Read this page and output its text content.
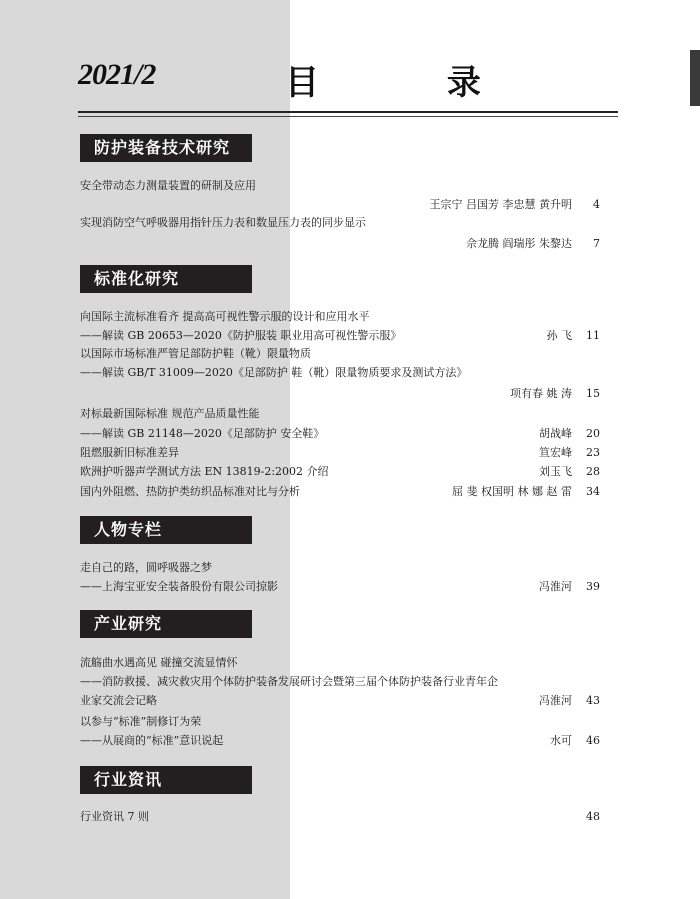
2021/2	目 录
防护装备技术研究
安全带动态力测量装置的研制及应用
王宗宁 吕国芳 李忠慧 黄升明	4
实现消防空气呼吸器用指针压力表和数显压力表的同步显示
佘龙腾 阎瑞彤 朱黎达	7
标准化研究
向国际主流标准看齐 提高高可视性警示服的设计和应用水平
——解读 GB 20653—2020《防护服装 职业用高可视性警示服》	孙 飞	11
以国际市场标准严管足部防护鞋（靴）限量物质
——解读 GB/T 31009—2020《足部防护 鞋（靴）限量物质要求及测试方法》
项有春 姚 涛	15
对标最新国际标准 规范产品质量性能
——解读 GB 21148—2020《足部防护 安全鞋》	胡战峰	20
阻燃服新旧标准差异	笪宏峰	23
欧洲护听器声学测试方法 EN 13819-2:2002 介绍	刘玉飞	28
国内外阻燃、热防护类纺织品标准对比与分析	屈 斐 权国明 林 娜 赵 雷	34
人物专栏
走自己的路，圆呼吸器之梦
——上海宝亚安全装备股份有限公司掠影	冯淮河	39
产业研究
流觞曲水遇高见 碰撞交流显情怀
——消防救援、减灾救灾用个体防护装备发展研讨会暨第三届个体防护装备行业青年企
业家交流会记略	冯淮河	43
以参与“标准”制修订为荣
——从展商的“标准”意识说起	水可	46
行业资讯
行业资讯 7 则	48
